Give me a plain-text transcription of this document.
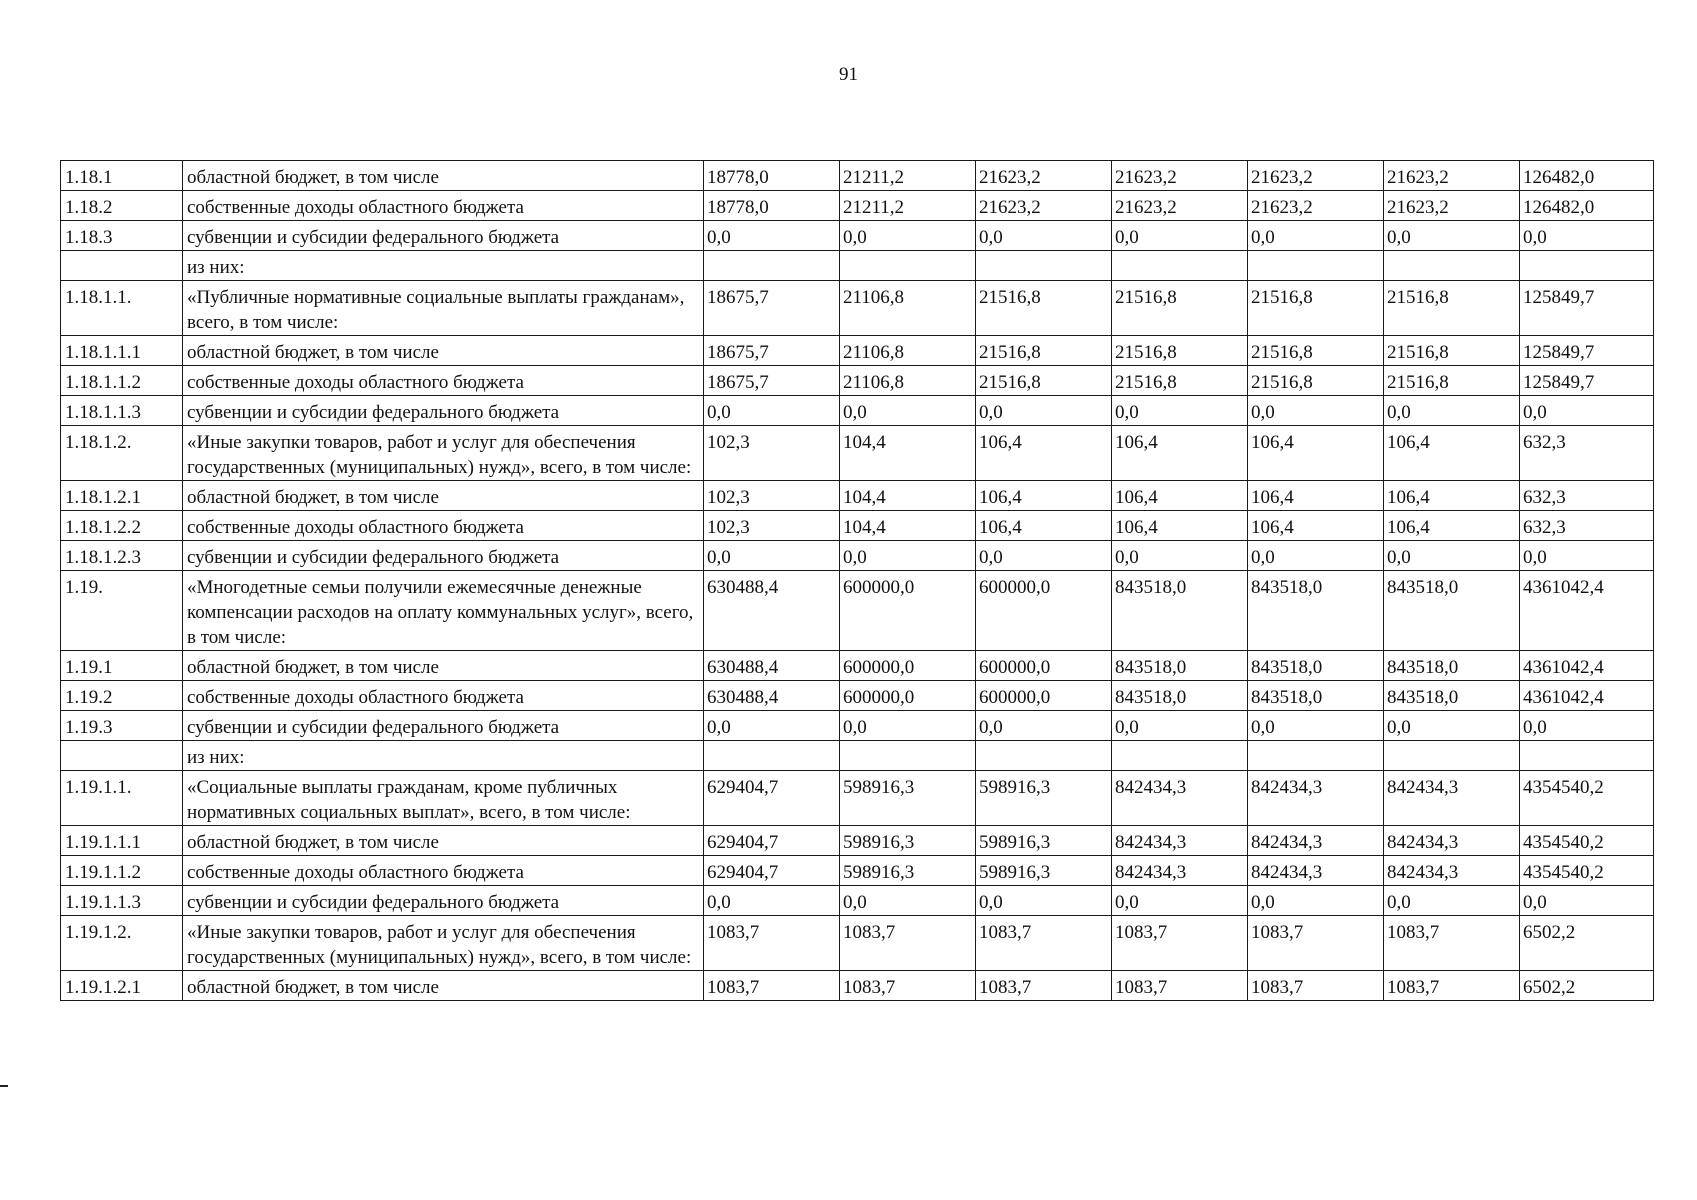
91
1.18.1	областной бюджет, в том числе	18778,0	21211,2	21623,2	21623,2	21623,2	21623,2	126482,0
1.18.2	собственные доходы областного бюджета	18778,0	21211,2	21623,2	21623,2	21623,2	21623,2	126482,0
1.18.3	субвенции и субсидии федерального бюджета	0,0	0,0	0,0	0,0	0,0	0,0	0,0
	из них:							
1.18.1.1.	«Публичные нормативные социальные выплаты гражданам», всего, в том числе:	18675,7	21106,8	21516,8	21516,8	21516,8	21516,8	125849,7
1.18.1.1.1	областной бюджет, в том числе	18675,7	21106,8	21516,8	21516,8	21516,8	21516,8	125849,7
1.18.1.1.2	собственные доходы областного бюджета	18675,7	21106,8	21516,8	21516,8	21516,8	21516,8	125849,7
1.18.1.1.3	субвенции и субсидии федерального бюджета	0,0	0,0	0,0	0,0	0,0	0,0	0,0
1.18.1.2.	«Иные закупки товаров, работ и услуг для обеспечения государственных (муниципальных) нужд», всего, в том числе:	102,3	104,4	106,4	106,4	106,4	106,4	632,3
1.18.1.2.1	областной бюджет, в том числе	102,3	104,4	106,4	106,4	106,4	106,4	632,3
1.18.1.2.2	собственные доходы областного бюджета	102,3	104,4	106,4	106,4	106,4	106,4	632,3
1.18.1.2.3	субвенции и субсидии федерального бюджета	0,0	0,0	0,0	0,0	0,0	0,0	0,0
1.19.	«Многодетные семьи получили ежемесячные денежные компенсации расходов на оплату коммунальных услуг», всего, в том числе:	630488,4	600000,0	600000,0	843518,0	843518,0	843518,0	4361042,4
1.19.1	областной бюджет, в том числе	630488,4	600000,0	600000,0	843518,0	843518,0	843518,0	4361042,4
1.19.2	собственные доходы областного бюджета	630488,4	600000,0	600000,0	843518,0	843518,0	843518,0	4361042,4
1.19.3	субвенции и субсидии федерального бюджета	0,0	0,0	0,0	0,0	0,0	0,0	0,0
	из них:							
1.19.1.1.	«Социальные выплаты гражданам, кроме публичных нормативных социальных выплат», всего, в том числе:	629404,7	598916,3	598916,3	842434,3	842434,3	842434,3	4354540,2
1.19.1.1.1	областной бюджет, в том числе	629404,7	598916,3	598916,3	842434,3	842434,3	842434,3	4354540,2
1.19.1.1.2	собственные доходы областного бюджета	629404,7	598916,3	598916,3	842434,3	842434,3	842434,3	4354540,2
1.19.1.1.3	субвенции и субсидии федерального бюджета	0,0	0,0	0,0	0,0	0,0	0,0	0,0
1.19.1.2.	«Иные закупки товаров, работ и услуг для обеспечения государственных (муниципальных) нужд», всего, в том числе:	1083,7	1083,7	1083,7	1083,7	1083,7	1083,7	6502,2
1.19.1.2.1	областной бюджет, в том числе	1083,7	1083,7	1083,7	1083,7	1083,7	1083,7	6502,2
